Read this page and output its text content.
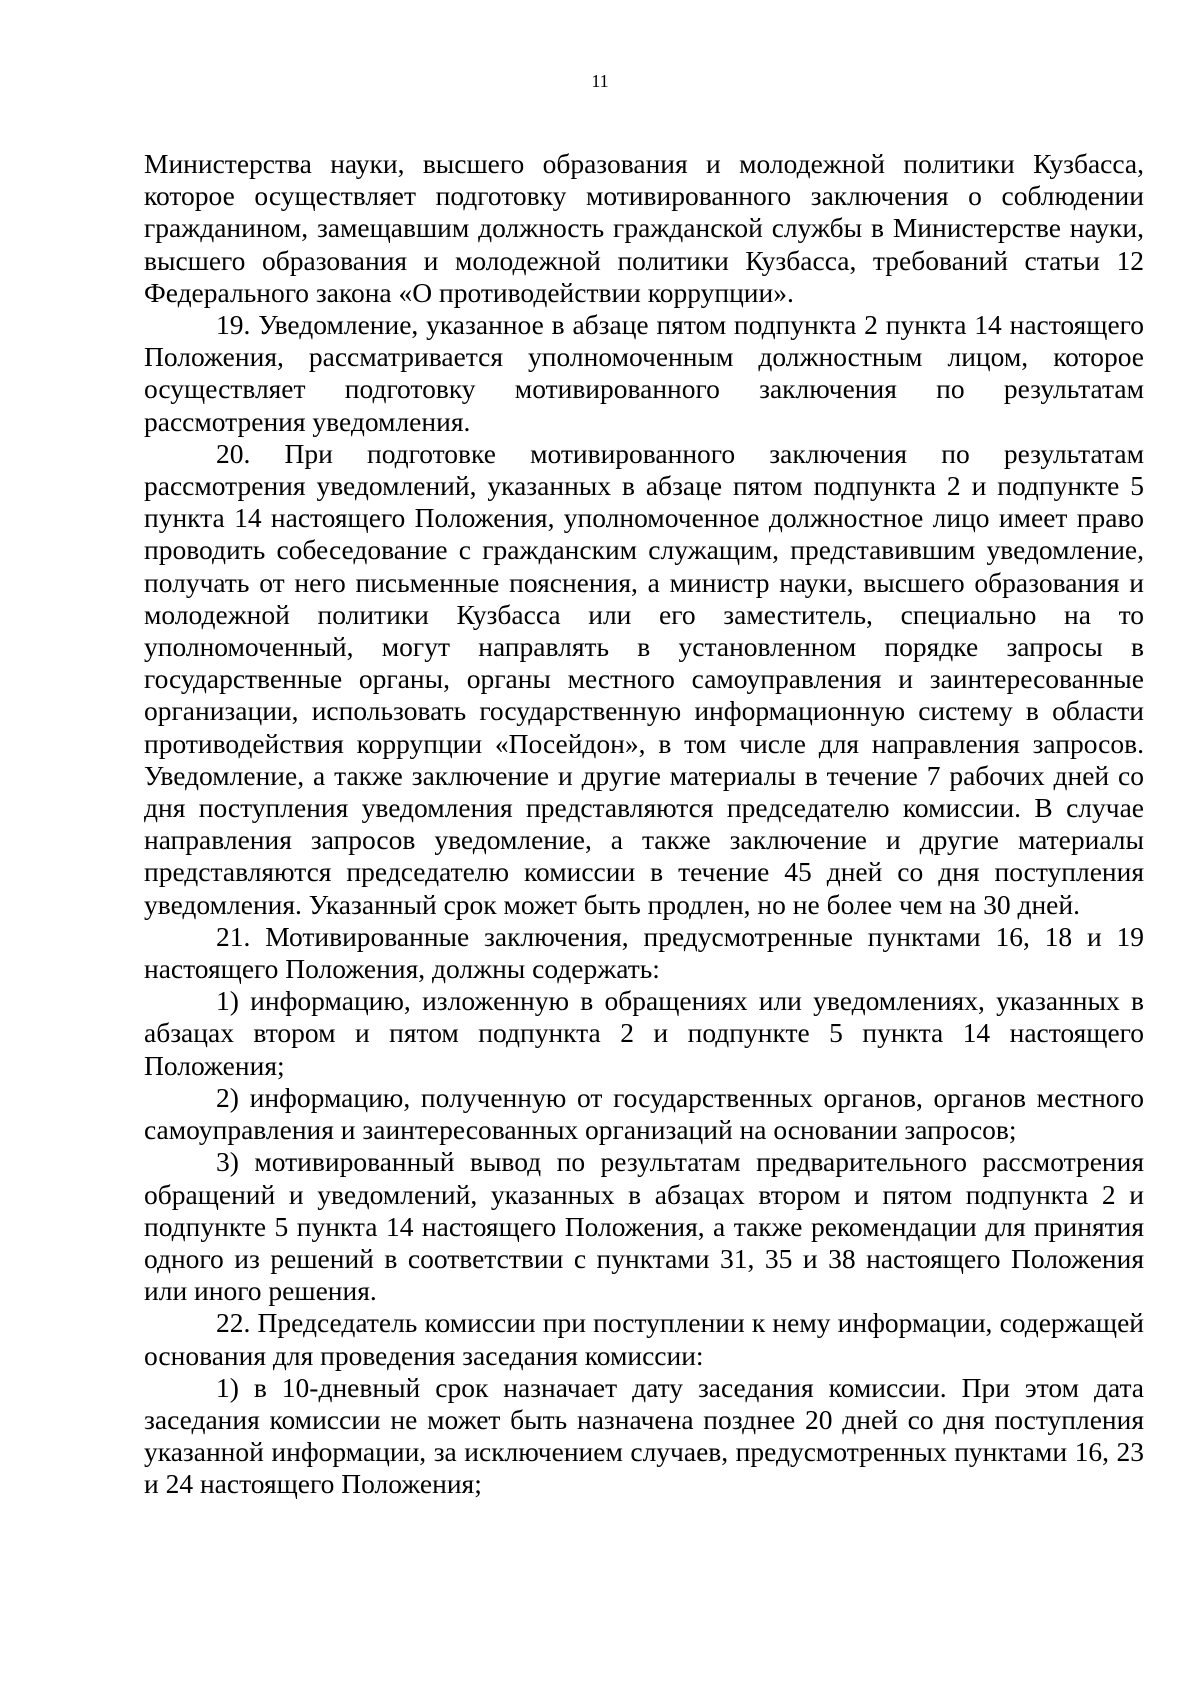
11

Министерства науки, высшего образования и молодежной политики Кузбасса, которое осуществляет подготовку мотивированного заключения о соблюдении гражданином, замещавшим должность гражданской службы в Министерстве науки, высшего образования и молодежной политики Кузбасса, требований статьи 12 Федерального закона «О противодействии коррупции».

19. Уведомление, указанное в абзаце пятом подпункта 2 пункта 14 настоящего Положения, рассматривается уполномоченным должностным лицом, которое осуществляет подготовку мотивированного заключения по результатам рассмотрения уведомления.

20. При подготовке мотивированного заключения по результатам рассмотрения уведомлений, указанных в абзаце пятом подпункта 2 и подпункте 5 пункта 14 настоящего Положения, уполномоченное должностное лицо имеет право проводить собеседование с гражданским служащим, представившим уведомление, получать от него письменные пояснения, а министр науки, высшего образования и молодежной политики Кузбасса или его заместитель, специально на то уполномоченный, могут направлять в установленном порядке запросы в государственные органы, органы местного самоуправления и заинтересованные организации, использовать государственную информационную систему в области противодействия коррупции «Посейдон», в том числе для направления запросов. Уведомление, а также заключение и другие материалы в течение 7 рабочих дней со дня поступления уведомления представляются председателю комиссии. В случае направления запросов уведомление, а также заключение и другие материалы представляются председателю комиссии в течение 45 дней со дня поступления уведомления. Указанный срок может быть продлен, но не более чем на 30 дней.

21. Мотивированные заключения, предусмотренные пунктами 16, 18 и 19 настоящего Положения, должны содержать:

1) информацию, изложенную в обращениях или уведомлениях, указанных в абзацах втором и пятом подпункта 2 и подпункте 5 пункта 14 настоящего Положения;

2) информацию, полученную от государственных органов, органов местного самоуправления и заинтересованных организаций на основании запросов;

3) мотивированный вывод по результатам предварительного рассмотрения обращений и уведомлений, указанных в абзацах втором и пятом подпункта 2 и подпункте 5 пункта 14 настоящего Положения, а также рекомендации для принятия одного из решений в соответствии с пунктами 31, 35 и 38 настоящего Положения или иного решения.

22. Председатель комиссии при поступлении к нему информации, содержащей основания для проведения заседания комиссии:

1) в 10-дневный срок назначает дату заседания комиссии. При этом дата заседания комиссии не может быть назначена позднее 20 дней со дня поступления указанной информации, за исключением случаев, предусмотренных пунктами 16, 23 и 24 настоящего Положения;
